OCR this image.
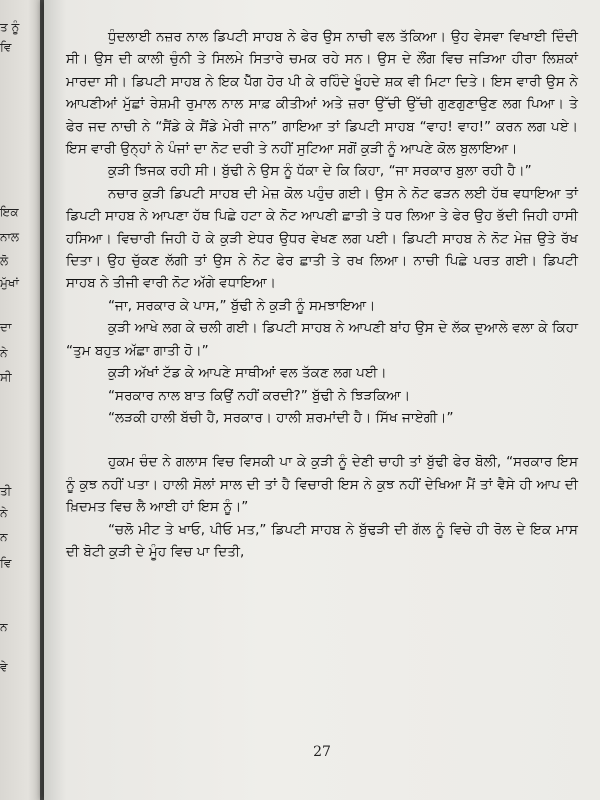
ਤ ਨੂੰ
ਵਿ
ਇਕ
ਨਾਲ
ਲੋ
ਮੁੱਖਾਂ
ਦਾ
ਨੇ
ਸੀ
ਤੀ
ਨੇ
ਨ
ਵਿ
ਨ
ਵੇ

ਧੁੰਦਲਾਈ ਨਜ਼ਰ ਨਾਲ ਡਿਪਟੀ ਸਾਹਬ ਨੇ ਫੇਰ ਉਸ ਨਾਚੀ ਵਲ ਤੱਕਿਆ। ਉਹ ਵੇਸਵਾ ਵਿਖਾਈ ਦਿੰਦੀ ਸੀ। ਉਸ ਦੀ ਕਾਲੀ ਚੁੰਨੀ ਤੇ ਸਿਲਮੇ ਸਿਤਾਰੇ ਚਮਕ ਰਹੇ ਸਨ। ਉਸ ਦੇ ਲੌਂਗ ਵਿਚ ਜੜਿਆ ਹੀਰਾ ਲਿਸ਼ਕਾਂ ਮਾਰਦਾ ਸੀ। ਡਿਪਟੀ ਸਾਹਬ ਨੇ ਇਕ ਪੈੱਗ ਹੋਰ ਪੀ ਕੇ ਰਹਿੰਦੇ ਖੂੰਹਦੇ ਸ਼ਕ ਵੀ ਮਿਟਾ ਦਿਤੇ। ਇਸ ਵਾਰੀ ਉਸ ਨੇ ਆਪਣੀਆਂ ਮੁੱਛਾਂ ਰੇਸ਼ਮੀ ਰੁਮਾਲ ਨਾਲ ਸਾਫ਼ ਕੀਤੀਆਂ ਅਤੇ ਜ਼ਰਾ ਉੱਚੀ ਉੱਚੀ ਗੁਣਗੁਣਾਉਣ ਲਗ ਪਿਆ। ਤੇ ਫੇਰ ਜਦ ਨਾਚੀ ਨੇ “ਸੈਂਡੇ ਕੇ ਸੈਂਡੇ ਮੇਰੀ ਜਾਨ” ਗਾਇਆ ਤਾਂ ਡਿਪਟੀ ਸਾਹਬ “ਵਾਹ! ਵਾਹ!” ਕਰਨ ਲਗ ਪਏ। ਇਸ ਵਾਰੀ ਉਨ੍ਹਾਂ ਨੇ ਪੰਜਾਂ ਦਾ ਨੋਟ ਦਰੀ ਤੇ ਨਹੀਂ ਸੁਟਿਆ ਸਗੋਂ ਕੁੜੀ ਨੂੰ ਆਪਣੇ ਕੋਲ ਬੁਲਾਇਆ।

ਕੁੜੀ ਝਿਜਕ ਰਹੀ ਸੀ। ਬੁੱਢੀ ਨੇ ਉਸ ਨੂੰ ਧੱਕਾ ਦੇ ਕਿ ਕਿਹਾ, “ਜਾ ਸਰਕਾਰ ਬੁਲਾ ਰਹੀ ਹੈ।”

ਨਚਾਰ ਕੁੜੀ ਡਿਪਟੀ ਸਾਹਬ ਦੀ ਮੇਜ਼ ਕੋਲ ਪਹੁੰਚ ਗਈ। ਉਸ ਨੇ ਨੋਟ ਫੜਨ ਲਈ ਹੱਥ ਵਧਾਇਆ ਤਾਂ ਡਿਪਟੀ ਸਾਹਬ ਨੇ ਆਪਣਾ ਹੱਥ ਪਿਛੇ ਹਟਾ ਕੇ ਨੋਟ ਆਪਣੀ ਛਾਤੀ ਤੇ ਧਰ ਲਿਆ ਤੇ ਫੇਰ ਉਹ ਭੱਦੀ ਜਿਹੀ ਹਾਸੀ ਹਸਿਆ। ਵਿਚਾਰੀ ਜਿਹੀ ਹੋ ਕੇ ਕੁੜੀ ਏਧਰ ਉਧਰ ਵੇਖਣ ਲਗ ਪਈ। ਡਿਪਟੀ ਸਾਹਬ ਨੇ ਨੋਟ ਮੇਜ਼ ਉਤੇ ਰੱਖ ਦਿਤਾ। ਉਹ ਚੁੱਕਣ ਲੱਗੀ ਤਾਂ ਉਸ ਨੇ ਨੋਟ ਫੇਰ ਛਾਤੀ ਤੇ ਰਖ ਲਿਆ। ਨਾਚੀ ਪਿਛੇ ਪਰਤ ਗਈ। ਡਿਪਟੀ ਸਾਹਬ ਨੇ ਤੀਜੀ ਵਾਰੀ ਨੋਟ ਅੱਗੇ ਵਧਾਇਆ।

“ਜਾ, ਸਰਕਾਰ ਕੇ ਪਾਸ,” ਬੁੱਢੀ ਨੇ ਕੁੜੀ ਨੂੰ ਸਮਝਾਇਆ।

ਕੁੜੀ ਆਖੇ ਲਗ ਕੇ ਚਲੀ ਗਈ। ਡਿਪਟੀ ਸਾਹਬ ਨੇ ਆਪਣੀ ਬਾਂਹ ਉਸ ਦੇ ਲੱਕ ਦੁਆਲੇ ਵਲਾ ਕੇ ਕਿਹਾ “ਤੁਮ ਬਹੁਤ ਅੱਛਾ ਗਾਤੀ ਹੋ।”

ਕੁੜੀ ਅੱਖਾਂ ਟੱਡ ਕੇ ਆਪਣੇ ਸਾਥੀਆਂ ਵਲ ਤੱਕਣ ਲਗ ਪਈ।

“ਸਰਕਾਰ ਨਾਲ ਬਾਤ ਕਿਉਂ ਨਹੀਂ ਕਰਦੀ?” ਬੁੱਢੀ ਨੇ ਝਿੜਕਿਆ।

“ਲੜਕੀ ਹਾਲੀ ਬੱਚੀ ਹੈ, ਸਰਕਾਰ। ਹਾਲੀ ਸ਼ਰਮਾਂਦੀ ਹੈ। ਸਿੱਖ ਜਾਏਗੀ।”

ਹੁਕਮ ਚੰਦ ਨੇ ਗਲਾਸ ਵਿਚ ਵਿਸਕੀ ਪਾ ਕੇ ਕੁੜੀ ਨੂੰ ਦੇਣੀ ਚਾਹੀ ਤਾਂ ਬੁੱਢੀ ਫੇਰ ਬੋਲੀ, “ਸਰਕਾਰ ਇਸ ਨੂੰ ਕੁਝ ਨਹੀਂ ਪਤਾ। ਹਾਲੀ ਸੋਲਾਂ ਸਾਲ ਦੀ ਤਾਂ ਹੈ ਵਿਚਾਰੀ ਇਸ ਨੇ ਕੁਝ ਨਹੀਂ ਦੇਖਿਆ ਮੈਂ ਤਾਂ ਵੈਸੇ ਹੀ ਆਪ ਦੀ ਖ਼ਿਦਮਤ ਵਿਚ ਲੈ ਆਈ ਹਾਂ ਇਸ ਨੂੰ।”

“ਚਲੋ ਮੀਟ ਤੇ ਖਾਓ, ਪੀਓ ਮਤ,” ਡਿਪਟੀ ਸਾਹਬ ਨੇ ਬੁੱਢੜੀ ਦੀ ਗੱਲ ਨੂੰ ਵਿਚੇ ਹੀ ਰੋਲ ਦੇ ਇਕ ਮਾਸ ਦੀ ਬੋਟੀ ਕੁੜੀ ਦੇ ਮੂੰਹ ਵਿਚ ਪਾ ਦਿਤੀ,

27
